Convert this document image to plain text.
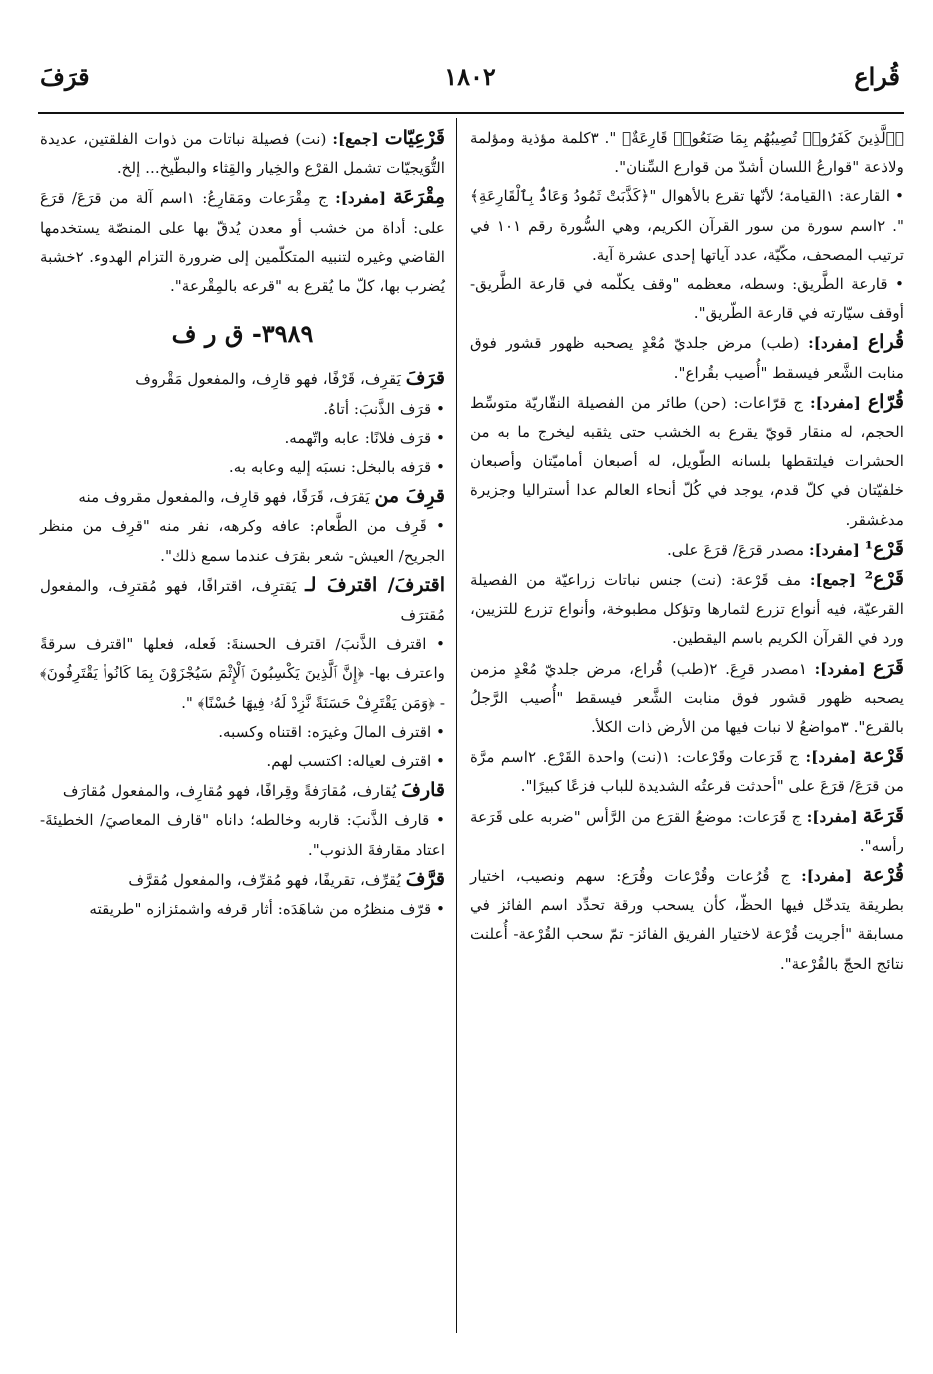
قُراع
١٨٠٢
قرَفَ

﴿ٱلَّذِينَ كَفَرُوا۟ تُصِيبُهُم بِمَا صَنَعُوا۟ قَارِعَةٌ﴾ ". ٣كلمة مؤذية ومؤلمة ولاذعة "قوارعُ اللسان أشدّ من قوارع السِّنان".

• القارعة: ١القيامة؛ لأنّها تقرع بالأهوال "﴿كَذَّبَتْ ثَمُودُ وَعَادٌۢ بِٱلْقَارِعَةِ﴾ ". ٢اسم سورة من سور القرآن الكريم، وهي السُّورة رقم ١٠١ في ترتيب المصحف، مكّيّة، عدد آياتها إحدى عشرة آية.

• قارعة الطَّريق: وسطه، معظمه "وقف يكلّمه في قارعة الطَّريق- أوقف سيّارته في قارعة الطّريق".

قُراع [مفرد]: (طب) مرض جلديّ مُعْدٍ يصحبه ظهور قشور فوق منابت الشَّعر فيسقط "أُصيب بقُراع".

قُرّاع [مفرد]: ج قرّاعات: (حن) طائر من الفصيلة النقّاريّة متوسِّط الحجم، له منقار قويّ يقرع به الخشب حتى يثقبه ليخرج ما به من الحشرات فيلتقطها بلسانه الطّويل، له أصبعان أماميّتان وأصبعان خلفيّتان في كلّ قدم، يوجد في كُلّ أنحاء العالم عدا أستراليا وجزيرة مدغشقر.

قَرْع¹ [مفرد]: مصدر قرَعَ/ قرَعَ على.

قَرْع² [جمع]: مف قَرْعة: (نت) جنس نباتات زراعيّة من الفصيلة القرعيّة، فيه أنواع تزرع لثمارها وتؤكل مطبوخة، وأنواع تزرع للتزيين، ورد في القرآن الكريم باسم اليقطين.

قَرَع [مفرد]: ١مصدر قرِعَ. ٢(طب) قُراع، مرض جلديّ مُعْدٍ مزمن يصحبه ظهور قشور فوق منابت الشَّعر فيسقط "أُصيب الرَّجلُ بالقرع". ٣مواضعُ لا نبات فيها من الأرض ذات الكلأ.

قَرْعة [مفرد]: ج قَرَعات وقَرْعات: ١(نت) واحدة القَرْع. ٢اسم مرَّة من قرَعَ/ قرَعَ على "أحدثت قرعتُه الشديدة للباب فزعًا كبيرًا".

قَرَعَة [مفرد]: ج قَرَعات: موضعُ القرَع من الرَّأس "ضربه على قَرَعة رأسه".

قُرْعة [مفرد]: ج قُرُعات وقُرْعات وقُرَع: سهم ونصيب، اختيار بطريقة يتدخّل فيها الحظّ، كأن يسحب ورقة تحدِّد اسم الفائز في مسابقة "أجريت قُرْعة لاختيار الفريق الفائز- تمّ سحب القُرْعة- أُعلنت نتائج الحجّ بالقُرْعة".

قَرْعِيّات [جمع]: (نت) فصيلة نباتات من ذوات الفلقتين، عديدة التُّوَيجيّات تشمل القرْع والخِيار والقِثاء والبطّيخ... إلخ.

مِقْرَعَة [مفرد]: ج مِقْرَعات ومَقارِعُ: ١اسم آلة من قرَعَ/ قرَعَ على: أداة من خشب أو معدن يُدقّ بها على المنصّة يستخدمها القاضي وغيره لتنبيه المتكلّمين إلى ضرورة التزام الهدوء. ٢خشبة يُضرب بها، كلّ ما يُقرع به "قرعه بالمِقْرعة".

٣٩٨٩- ق ر ف

قرَفَ يَقرِف، قَرْفًا، فهو قارِف، والمفعول مَقْروف

• قرَف الذَّنبَ: أتاهُ.

• قرَف فلانًا: عابه واتّهمه.

• قرَفه بالبخل: نسبَه إليه وعابه به.

قرِفَ من يَقرَف، قَرَفًا، فهو قارِف، والمفعول مقروف منه

• قَرِف من الطَّعام: عافه وكرهه، نفر منه "قرِف من منظر الجريح/ العيش- شعر بقرَف عندما سمع ذلك".

اقترفَ/ اقترفَ لـ يَقترِف، اقترافًا، فهو مُقترِف، والمفعول مُقترَف

• اقترف الذَّنبَ/ اقترف الحسنةَ: فَعله، فعلها "اقترف سرقةً واعترف بها- ﴿إِنَّ ٱلَّذِينَ يَكْسِبُونَ ٱلْإِثْمَ سَيُجْزَوْنَ بِمَا كَانُوا۟ يَقْتَرِفُونَ﴾ - ﴿وَمَن يَقْتَرِفْ حَسَنَةً نَّزِدْ لَهُۥ فِيهَا حُسْنًا﴾ ".

• اقترف المالَ وغيرَه: اقتناه وكسبه.

• اقترف لعياله: اكتسب لهم.

قارفَ يُقارف، مُقارَفةً وقِرافًا، فهو مُقارِف، والمفعول مُقارَف

• قارف الذَّنبَ: قاربه وخالطه؛ داناه "قارف المعاصيَ/ الخطيئةَ- اعتاد مقارفةَ الذنوب".

قرَّفَ يُقرِّف، تقريفًا، فهو مُقرِّف، والمفعول مُقرَّف

• قرّف منظرُه من شاهَدَه: أثار قرفه واشمئزازه "طريقته
